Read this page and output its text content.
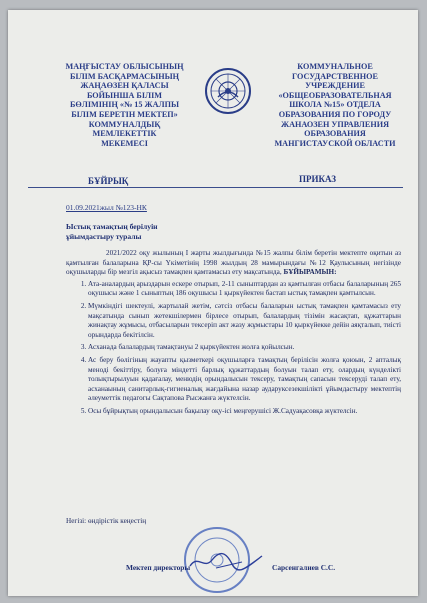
МАҢҒЫСТАУ ОБЛЫСЫНЫҢ
БІЛІМ БАСҚАРМАСЫНЫҢ
ЖАҢАӨЗЕН ҚАЛАСЫ
БОЙЫНША БІЛІМ
БӨЛІМІНІҢ «№ 15 ЖАЛПЫ
БІЛІМ БЕРЕТІН МЕКТЕП»
КОММУНАЛДЫҚ
МЕМЛЕКЕТТІК
МЕКЕМЕСІ
КОММУНАЛЬНОЕ
ГОСУДАРСТВЕННОЕ
УЧРЕЖДЕНИЕ
«ОБЩЕОБРАЗОВАТЕЛЬНАЯ
ШКОЛА №15» ОТДЕЛА
ОБРАЗОВАНИЯ ПО ГОРОДУ
ЖАНАОЗЕН УПРАВЛЕНИЯ
ОБРАЗОВАНИЯ
МАНГИСТАУСКОЙ ОБЛАСТИ
БҰЙРЫҚ	ПРИКАЗ
01.09.2021жыл №123-НК
Ыстық тамақтың берілуін
ұйымдастыру туралы

2021/2022 оқу жылының I жарты жылдығында №15 жалпы білім беретін мектепте оқитын аз қамтылған балаларына ҚР-сы Үкіметінің 1998 жылдың 28 мамырындағы №12 Қаулысының негізінде оқушыларды бір мезгіл ақысыз тамақпен қамтамасыз ету мақсатында, БҰЙЫРАМЫН:

1. Ата-аналардың арыздарын ескере отырып, 2-11 сыныптардан аз қамтылған отбасы балаларының 265 оқушысы және 1 сыныптың 186 оқушысы 1 қыркүйектен бастап ыстық тамақпен қамтылсын.
2. Мүмкіндігі шектеулі, жартылай жетім, сәтсіз отбасы балаларын ыстық тамақпен қамтамасыз ету мақсатында сынып жетекшілермен бірлесе отырып, балалардың тізімін жасақтап, құжаттарын жинақтау жұмысы, отбасыларын тексеріп акт жазу жұмыстары 10 қыркүйекке дейін аяқталып, тиісті орындарда бекітілсін.
3. Асханада балалардың тамақтануы 2 қыркүйектен жолға қойылсын.
4. Ас беру бөлігіның жауапты қызметкері оқушыларға тамақтың берілісін жолға қоюын, 2 апталық меноді бекіттіру, болуға міндетті барлық құжаттардың болуын талап ету, олардың күнделікті толықтырылуын қадағалау, менюдің орындалысын тексеру, тамақтың сапасын тексеруді талап ету, асханаының санитарлық-гигиеналық жағдайына назар аударуксезекшілікті ұйымдастыру мектептің әлеуметтік педагогы Сақтапова Рысжанға жүктелсін.
5. Осы бұйрықтың орындалысын бақылау оқу-ісі меңгерушісі Ж.Садуақасовқа жүктелсін.
Негізі: өндірістік кеңестің
Мектеп директоры	Сарсенгалиев С.С.
